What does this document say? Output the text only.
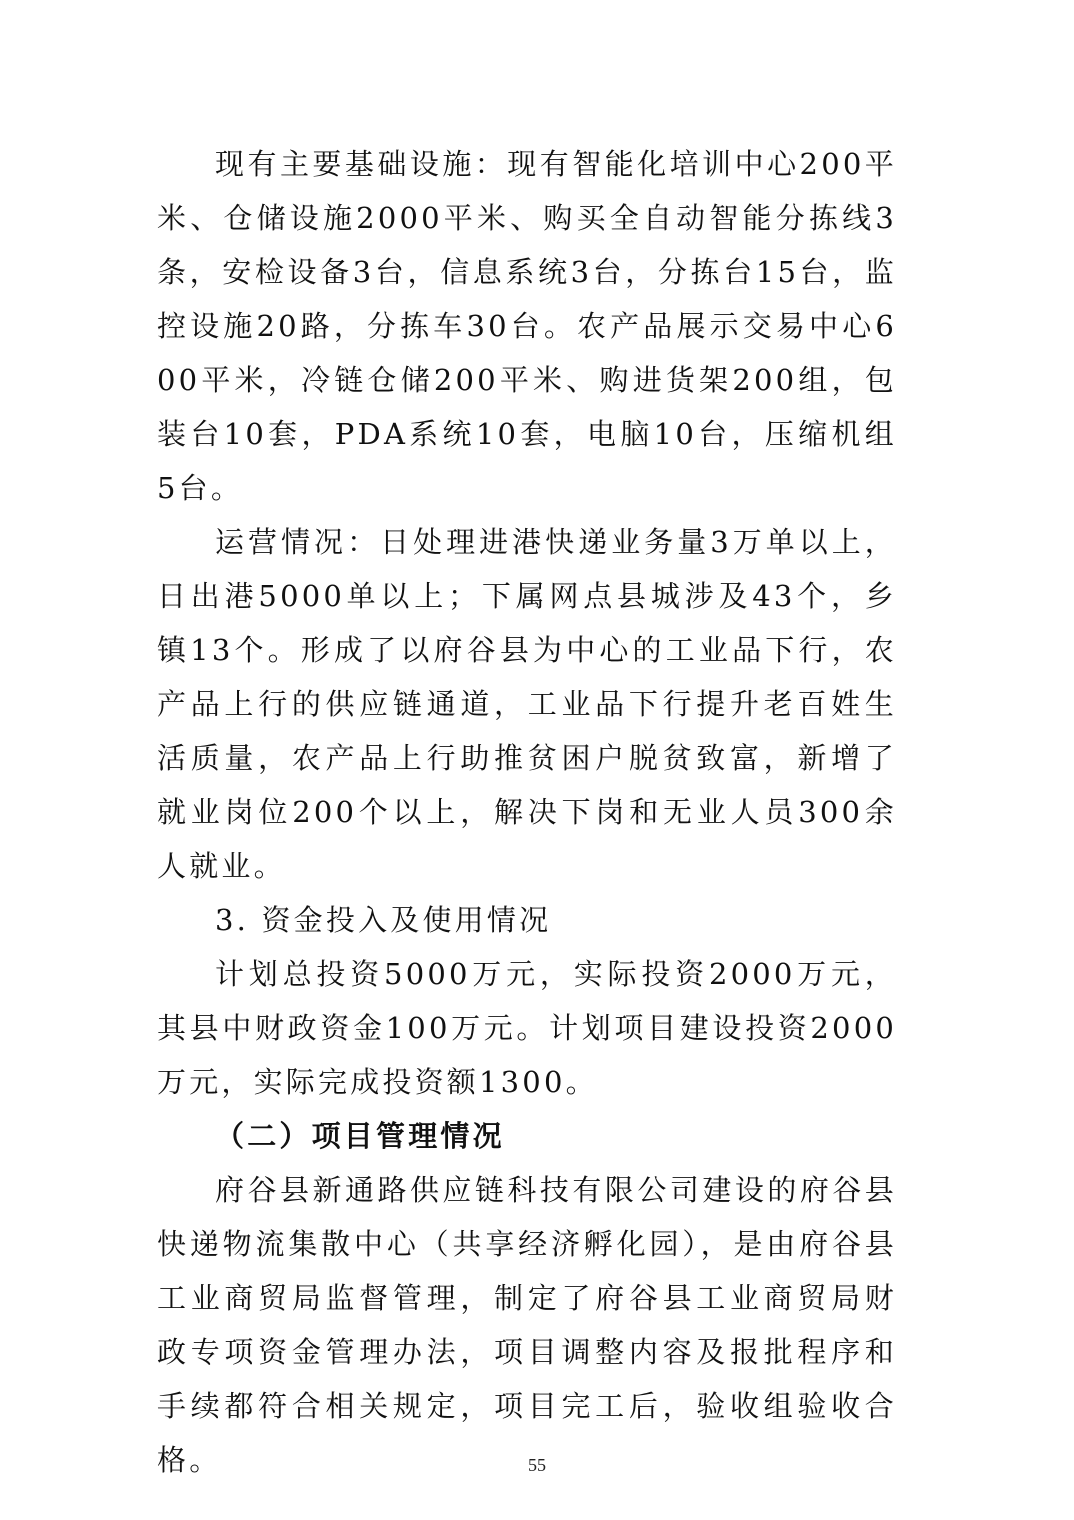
现有主要基础设施：现有智能化培训中心200平米、仓储设施2000平米、购买全自动智能分拣线3条，安检设备3台，信息系统3台，分拣台15台，监控设施20路，分拣车30台。农产品展示交易中心600平米，冷链仓储200平米、购进货架200组，包装台10套，PDA系统10套，电脑10台，压缩机组5台。

运营情况：日处理进港快递业务量3万单以上，日出港5000单以上；下属网点县城涉及43个，乡镇13个。形成了以府谷县为中心的工业品下行，农产品上行的供应链通道，工业品下行提升老百姓生活质量，农产品上行助推贫困户脱贫致富，新增了就业岗位200个以上，解决下岗和无业人员300余人就业。

3. 资金投入及使用情况

计划总投资5000万元，实际投资2000万元，其县中财政资金100万元。计划项目建设投资2000万元，实际完成投资额1300。

（二）项目管理情况

府谷县新通路供应链科技有限公司建设的府谷县快递物流集散中心（共享经济孵化园），是由府谷县工业商贸局监督管理，制定了府谷县工业商贸局财政专项资金管理办法，项目调整内容及报批程序和手续都符合相关规定，项目完工后，验收组验收合格。	55
